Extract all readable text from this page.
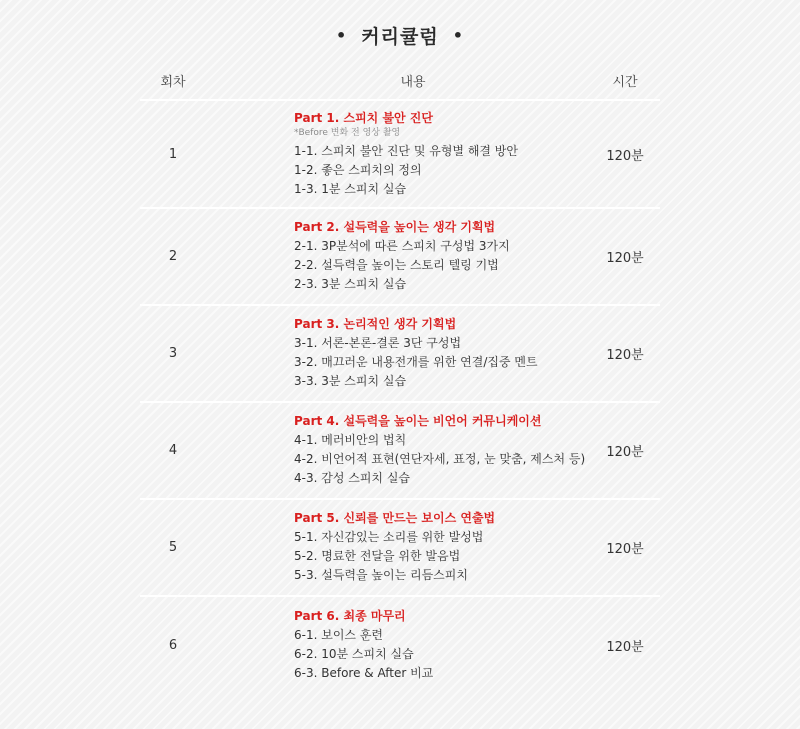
• 커리큘럼 •
회차	내용	시간
1
Part 1. 스피치 불안 진단
*Before 변화 전 영상 촬영
1-1. 스피치 불안 진단 및 유형별 해결 방안
1-2. 좋은 스피치의 정의
1-3. 1분 스피치 실습
120분
2
Part 2. 설득력을 높이는 생각 기획법
2-1. 3P분석에 따른 스피치 구성법 3가지
2-2. 설득력을 높이는 스토리 텔링 기법
2-3. 3분 스피치 실습
120분
3
Part 3. 논리적인 생각 기획법
3-1. 서론-본론-결론 3단 구성법
3-2. 매끄러운 내용전개를 위한 연결/집중 멘트
3-3. 3분 스피치 실습
120분
4
Part 4. 설득력을 높이는 비언어 커뮤니케이션
4-1. 메러비안의 법칙
4-2. 비언어적 표현(연단자세, 표정, 눈 맞춤, 제스처 등)
4-3. 감성 스피치 실습
120분
5
Part 5. 신뢰를 만드는 보이스 연출법
5-1. 자신감있는 소리를 위한 발성법
5-2. 명료한 전달을 위한 발음법
5-3. 설득력을 높이는 리듬스피치
120분
6
Part 6. 최종 마무리
6-1. 보이스 훈련
6-2. 10분 스피치 실습
6-3. Before & After 비교
120분
